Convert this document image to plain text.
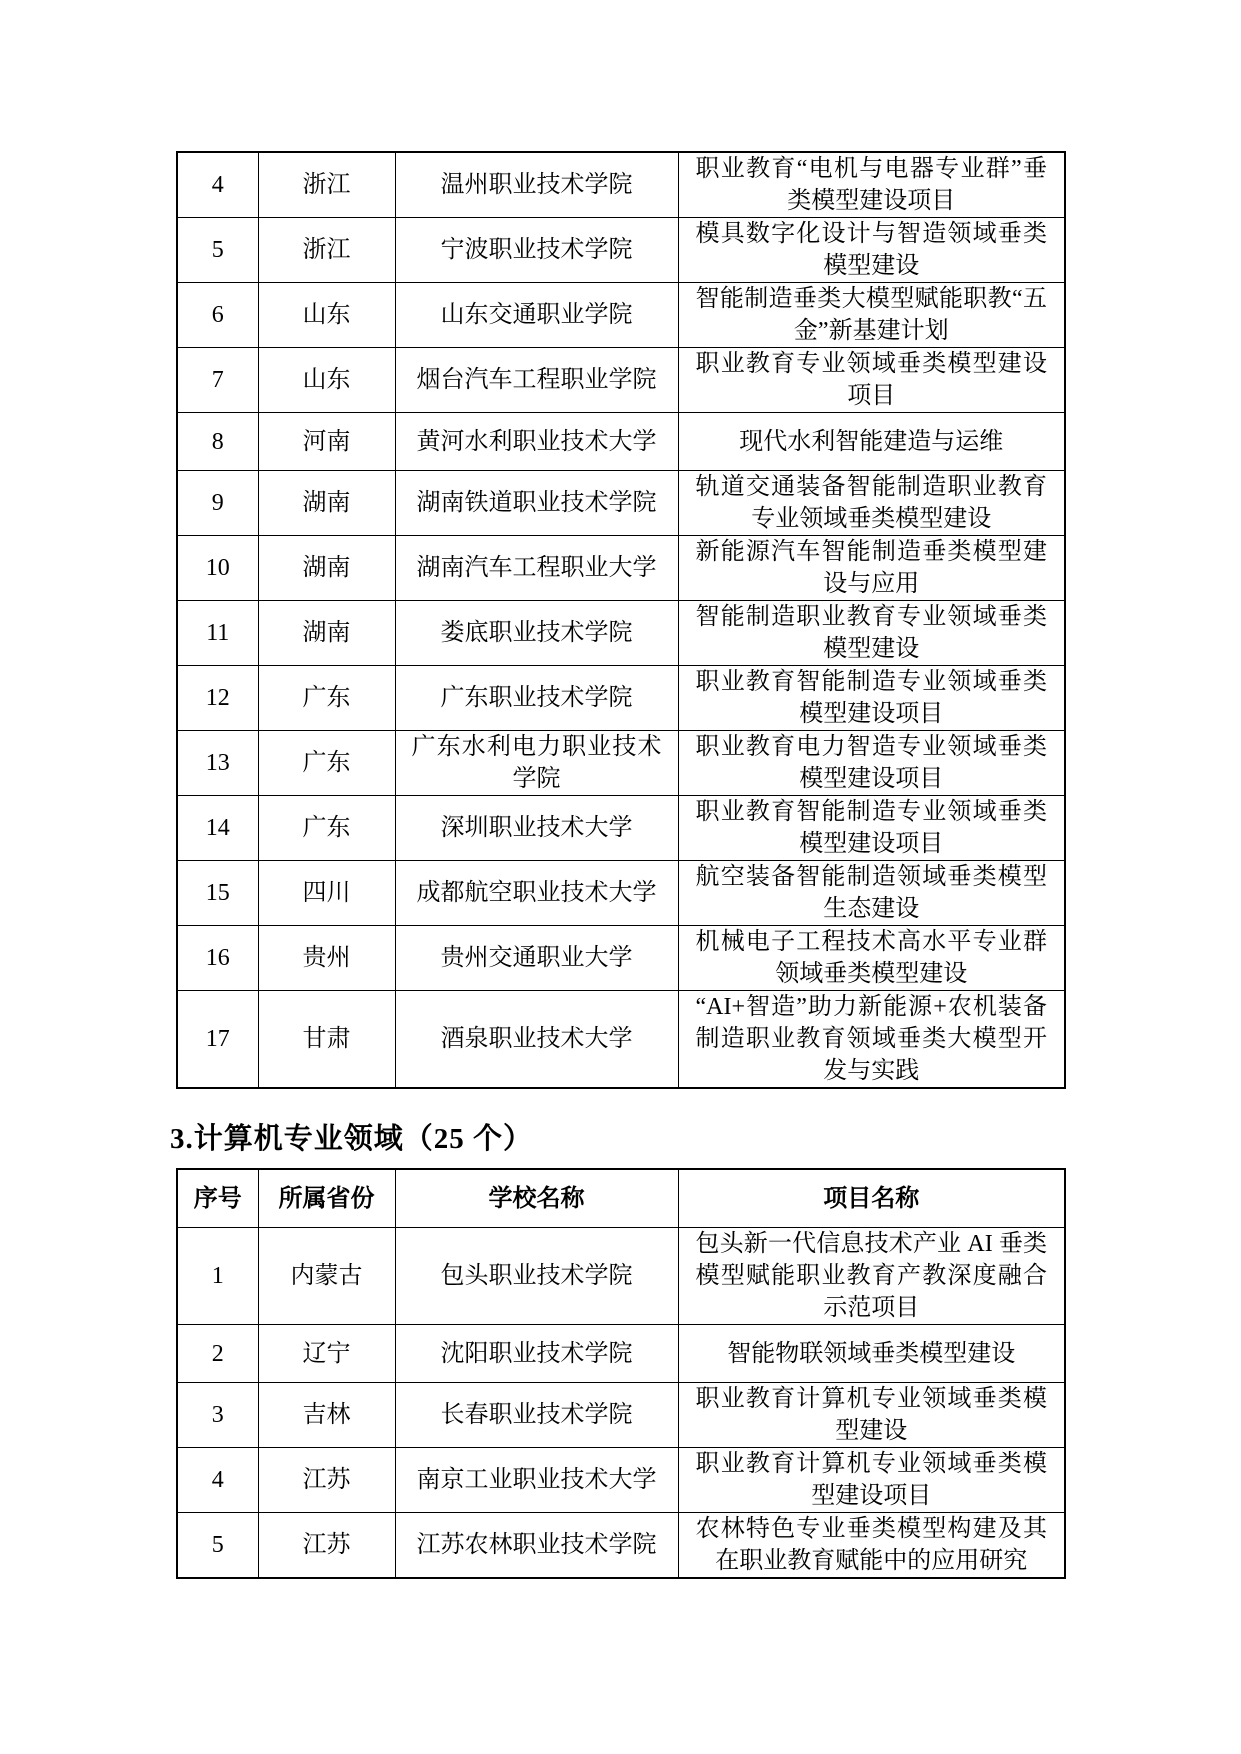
4	浙江	温州职业技术学院	职业教育“电机与电器专业群”垂类模型建设项目
5	浙江	宁波职业技术学院	模具数字化设计与智造领域垂类模型建设
6	山东	山东交通职业学院	智能制造垂类大模型赋能职教“五金”新基建计划
7	山东	烟台汽车工程职业学院	职业教育专业领域垂类模型建设项目
8	河南	黄河水利职业技术大学	现代水利智能建造与运维
9	湖南	湖南铁道职业技术学院	轨道交通装备智能制造职业教育专业领域垂类模型建设
10	湖南	湖南汽车工程职业大学	新能源汽车智能制造垂类模型建设与应用
11	湖南	娄底职业技术学院	智能制造职业教育专业领域垂类模型建设
12	广东	广东职业技术学院	职业教育智能制造专业领域垂类模型建设项目
13	广东	广东水利电力职业技术学院	职业教育电力智造专业领域垂类模型建设项目
14	广东	深圳职业技术大学	职业教育智能制造专业领域垂类模型建设项目
15	四川	成都航空职业技术大学	航空装备智能制造领域垂类模型生态建设
16	贵州	贵州交通职业大学	机械电子工程技术高水平专业群领域垂类模型建设
17	甘肃	酒泉职业技术大学	“AI+智造”助力新能源+农机装备制造职业教育领域垂类大模型开发与实践
3.计算机专业领域（25 个）
序号	所属省份	学校名称	项目名称
1	内蒙古	包头职业技术学院	包头新一代信息技术产业 AI 垂类模型赋能职业教育产教深度融合示范项目
2	辽宁	沈阳职业技术学院	智能物联领域垂类模型建设
3	吉林	长春职业技术学院	职业教育计算机专业领域垂类模型建设
4	江苏	南京工业职业技术大学	职业教育计算机专业领域垂类模型建设项目
5	江苏	江苏农林职业技术学院	农林特色专业垂类模型构建及其在职业教育赋能中的应用研究
